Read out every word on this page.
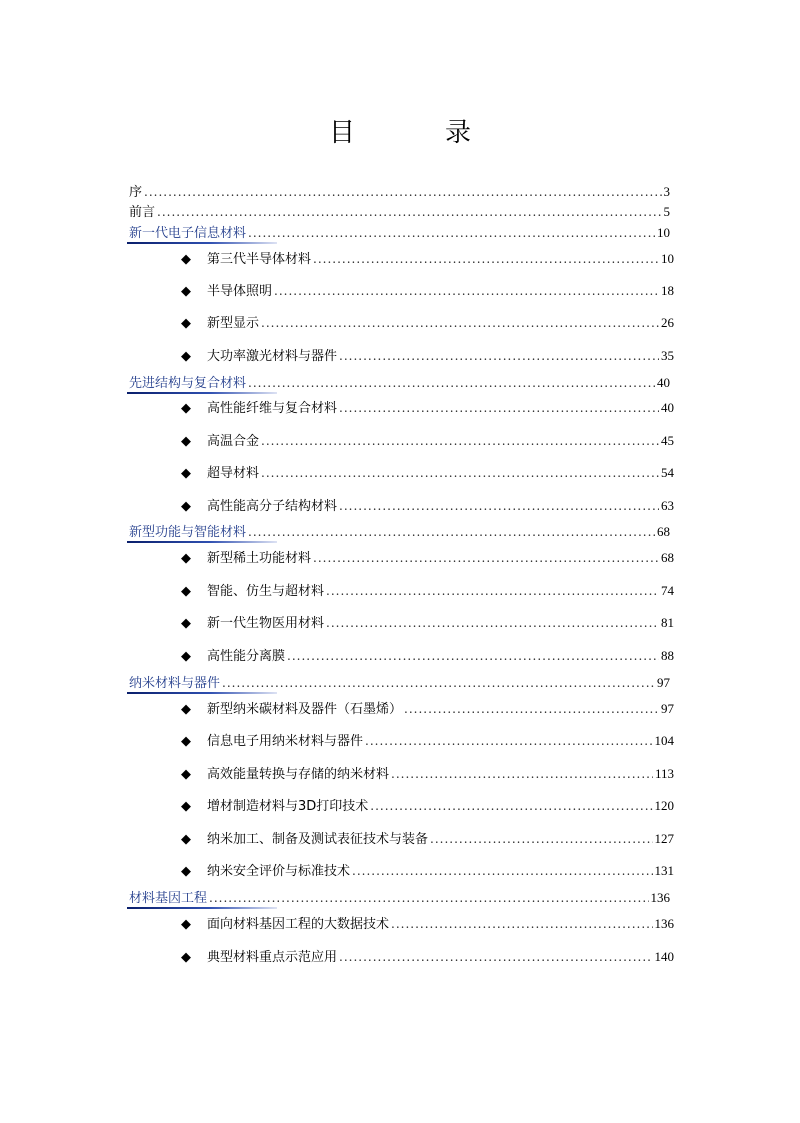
目　录
序 .....	3
前言 .....	5
新一代电子信息材料 .....	10
◆	第三代半导体材料 .....	10
◆	半导体照明 .....	18
◆	新型显示 .....	26
◆	大功率激光材料与器件 .....	35
先进结构与复合材料 .....	40
◆	高性能纤维与复合材料 .....	40
◆	高温合金 .....	45
◆	超导材料 .....	54
◆	高性能高分子结构材料 .....	63
新型功能与智能材料 .....	68
◆	新型稀土功能材料 .....	68
◆	智能、仿生与超材料 .....	74
◆	新一代生物医用材料 .....	81
◆	高性能分离膜 .....	88
纳米材料与器件 .....	97
◆	新型纳米碳材料及器件（石墨烯） .....	97
◆	信息电子用纳米材料与器件 .....	104
◆	高效能量转换与存储的纳米材料 .....	113
◆	增材制造材料与3D打印技术 .....	120
◆	纳米加工、制备及测试表征技术与装备 .....	127
◆	纳米安全评价与标准技术 .....	131
材料基因工程 .....	136
◆	面向材料基因工程的大数据技术 .....	136
◆	典型材料重点示范应用 .....	140
